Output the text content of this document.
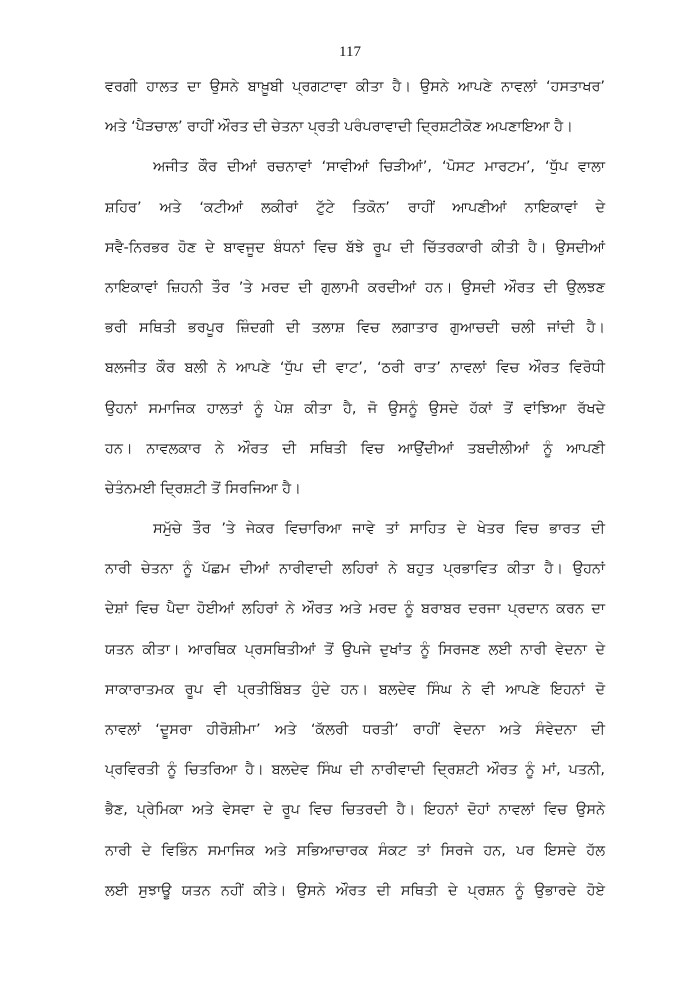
117
ਵਰਗੀ ਹਾਲਤ ਦਾ ਉਸਨੇ ਬਾਖ਼ੂਬੀ ਪ੍ਰਗਟਾਵਾ ਕੀਤਾ ਹੈ। ਉਸਨੇ ਆਪਣੇ ਨਾਵਲਾਂ ‘ਹਸਤਾਖਰ’
ਅਤੇ ‘ਪੈੜਚਾਲ’ ਰਾਹੀਂ ਔਰਤ ਦੀ ਚੇਤਨਾ ਪ੍ਰਤੀ ਪਰੰਪਰਾਵਾਦੀ ਦ੍ਰਿਸ਼ਟੀਕੋਣ ਅਪਣਾਇਆ ਹੈ।
ਅਜੀਤ ਕੌਰ ਦੀਆਂ ਰਚਨਾਵਾਂ ‘ਸਾਵੀਆਂ ਚਿੜੀਆਂ’, ‘ਪੋਸਟ ਮਾਰਟਮ’, ‘ਧੁੱਪ ਵਾਲਾ
ਸ਼ਹਿਰ’ ਅਤੇ ‘ਕਟੀਆਂ ਲਕੀਰਾਂ ਟੁੱਟੇ ਤਿਕੋਨ’ ਰਾਹੀਂ ਆਪਣੀਆਂ ਨਾਇਕਾਵਾਂ ਦੇ
ਸਵੈ-ਨਿਰਭਰ ਹੋਣ ਦੇ ਬਾਵਜੂਦ ਬੰਧਨਾਂ ਵਿਚ ਬੱਝੇ ਰੂਪ ਦੀ ਚਿੱਤਰਕਾਰੀ ਕੀਤੀ ਹੈ। ਉਸਦੀਆਂ
ਨਾਇਕਾਵਾਂ ਜ਼ਿਹਨੀ ਤੌਰ ’ਤੇ ਮਰਦ ਦੀ ਗੁਲਾਮੀ ਕਰਦੀਆਂ ਹਨ। ਉਸਦੀ ਔਰਤ ਦੀ ਉਲਝਣ
ਭਰੀ ਸਥਿਤੀ ਭਰਪੂਰ ਜ਼ਿੰਦਗੀ ਦੀ ਤਲਾਸ਼ ਵਿਚ ਲਗਾਤਾਰ ਗੁਆਚਦੀ ਚਲੀ ਜਾਂਦੀ ਹੈ।
ਬਲਜੀਤ ਕੌਰ ਬਲੀ ਨੇ ਆਪਣੇ ‘ਧੁੱਪ ਦੀ ਵਾਟ’, ‘ਠਰੀ ਰਾਤ’ ਨਾਵਲਾਂ ਵਿਚ ਔਰਤ ਵਿਰੋਧੀ
ਉਹਨਾਂ ਸਮਾਜਿਕ ਹਾਲਤਾਂ ਨੂੰ ਪੇਸ਼ ਕੀਤਾ ਹੈ, ਜੋ ਉਸਨੂੰ ਉਸਦੇ ਹੱਕਾਂ ਤੋਂ ਵਾਂਝਿਆ ਰੱਖਦੇ
ਹਨ। ਨਾਵਲਕਾਰ ਨੇ ਔਰਤ ਦੀ ਸਥਿਤੀ ਵਿਚ ਆਉਂਦੀਆਂ ਤਬਦੀਲੀਆਂ ਨੂੰ ਆਪਣੀ
ਚੇਤੰਨਮਈ ਦ੍ਰਿਸ਼ਟੀ ਤੋਂ ਸਿਰਜਿਆ ਹੈ।
ਸਮੁੱਚੇ ਤੌਰ ’ਤੇ ਜੇਕਰ ਵਿਚਾਰਿਆ ਜਾਵੇ ਤਾਂ ਸਾਹਿਤ ਦੇ ਖੇਤਰ ਵਿਚ ਭਾਰਤ ਦੀ
ਨਾਰੀ ਚੇਤਨਾ ਨੂੰ ਪੱਛਮ ਦੀਆਂ ਨਾਰੀਵਾਦੀ ਲਹਿਰਾਂ ਨੇ ਬਹੁਤ ਪ੍ਰਭਾਵਿਤ ਕੀਤਾ ਹੈ। ਉਹਨਾਂ
ਦੇਸ਼ਾਂ ਵਿਚ ਪੈਦਾ ਹੋਈਆਂ ਲਹਿਰਾਂ ਨੇ ਔਰਤ ਅਤੇ ਮਰਦ ਨੂੰ ਬਰਾਬਰ ਦਰਜਾ ਪ੍ਰਦਾਨ ਕਰਨ ਦਾ
ਯਤਨ ਕੀਤਾ। ਆਰਥਿਕ ਪ੍ਰਸਥਿਤੀਆਂ ਤੋਂ ਉਪਜੇ ਦੁਖਾਂਤ ਨੂੰ ਸਿਰਜਣ ਲਈ ਨਾਰੀ ਵੇਦਨਾ ਦੇ
ਸਾਕਾਰਾਤਮਕ ਰੂਪ ਵੀ ਪ੍ਰਤੀਬਿੰਬਤ ਹੁੰਦੇ ਹਨ। ਬਲਦੇਵ ਸਿੰਘ ਨੇ ਵੀ ਆਪਣੇ ਇਹਨਾਂ ਦੋ
ਨਾਵਲਾਂ ‘ਦੂਸਰਾ ਹੀਰੋਸ਼ੀਮਾ’ ਅਤੇ ‘ਕੱਲਰੀ ਧਰਤੀ’ ਰਾਹੀਂ ਵੇਦਨਾ ਅਤੇ ਸੰਵੇਦਨਾ ਦੀ
ਪ੍ਰਵਿਰਤੀ ਨੂੰ ਚਿਤਰਿਆ ਹੈ। ਬਲਦੇਵ ਸਿੰਘ ਦੀ ਨਾਰੀਵਾਦੀ ਦ੍ਰਿਸ਼ਟੀ ਔਰਤ ਨੂੰ ਮਾਂ, ਪਤਨੀ,
ਭੈਣ, ਪ੍ਰੇਮਿਕਾ ਅਤੇ ਵੇਸਵਾ ਦੇ ਰੂਪ ਵਿਚ ਚਿਤਰਦੀ ਹੈ। ਇਹਨਾਂ ਦੋਹਾਂ ਨਾਵਲਾਂ ਵਿਚ ਉਸਨੇ
ਨਾਰੀ ਦੇ ਵਿਭਿੰਨ ਸਮਾਜਿਕ ਅਤੇ ਸਭਿਆਚਾਰਕ ਸੰਕਟ ਤਾਂ ਸਿਰਜੇ ਹਨ, ਪਰ ਇਸਦੇ ਹੱਲ
ਲਈ ਸੁਝਾਊ ਯਤਨ ਨਹੀਂ ਕੀਤੇ। ਉਸਨੇ ਔਰਤ ਦੀ ਸਥਿਤੀ ਦੇ ਪ੍ਰਸ਼ਨ ਨੂੰ ਉਭਾਰਦੇ ਹੋਏ
